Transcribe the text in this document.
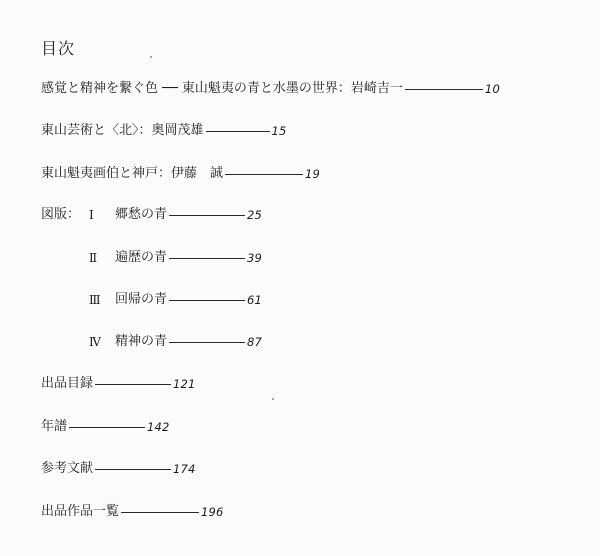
目次
感覚と精神を繋ぐ色 ── 東山魁夷の青と水墨の世界：岩崎吉一	10
東山芸術と〈北〉：奥岡茂雄	15
東山魁夷画伯と神戸：伊藤　誠	19
図版： Ⅰ	郷愁の青	25
Ⅱ	遍歴の青	39
Ⅲ	回帰の青	61
Ⅳ	精神の青	87
出品目録	121
年譜	142
参考文献	174
出品作品一覧	196
